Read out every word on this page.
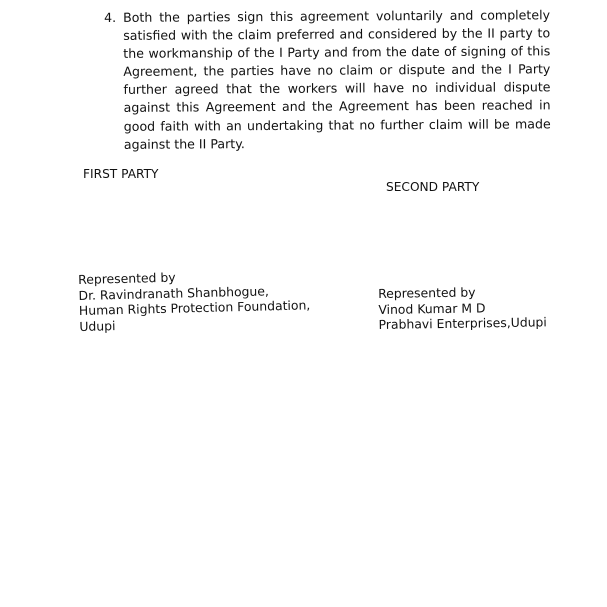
4. Both the parties sign this agreement voluntarily and completely satisfied with the claim preferred and considered by the II party to the workmanship of the I Party and from the date of signing of this Agreement, the parties have no claim or dispute and the I Party further agreed that the workers will have no individual dispute against this Agreement and the Agreement has been reached in good faith with an undertaking that no further claim will be made against the II Party.
FIRST PARTY
SECOND PARTY
Represented by
Dr. Ravindranath Shanbhogue,
Human Rights Protection Foundation,
Udupi
Represented by
Vinod Kumar M D
Prabhavi Enterprises,Udupi
